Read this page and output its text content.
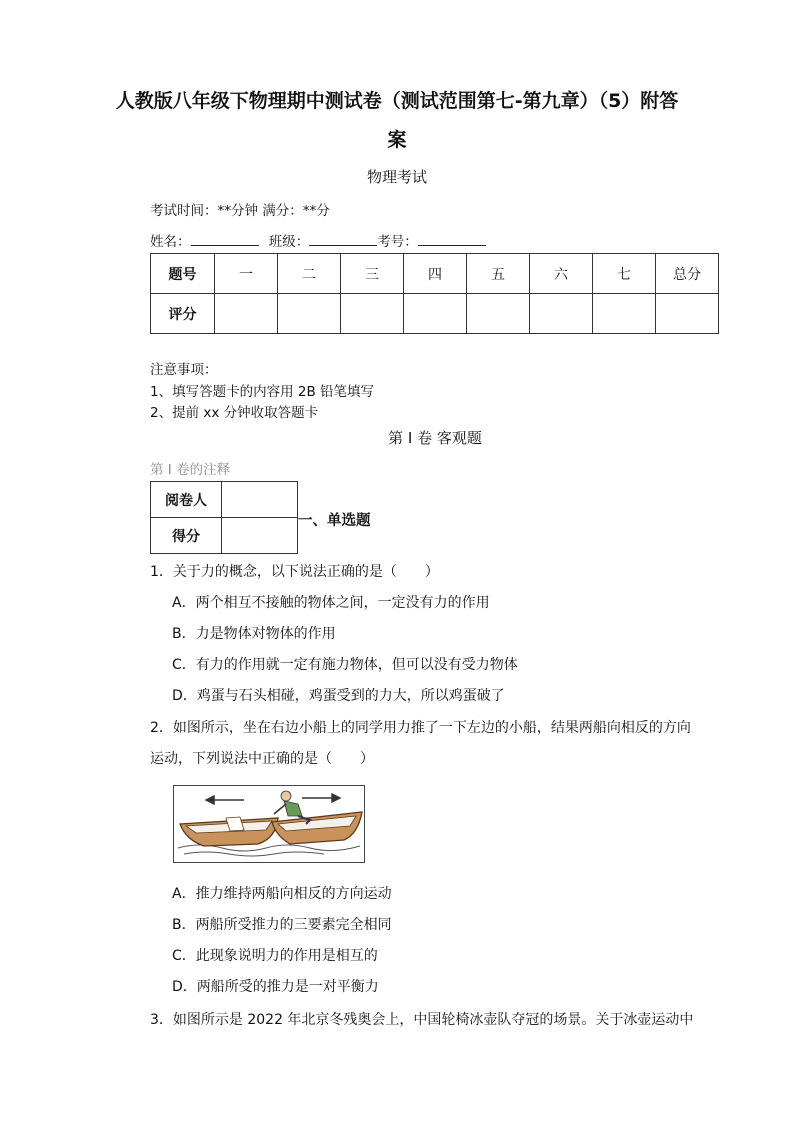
人教版八年级下物理期中测试卷（测试范围第七-第九章）（5）附答
案
物理考试
考试时间：**分钟 满分：**分
姓名：	班级：	考号：
题号	一	二	三	四	五	六	七	总分
评分								
注意事项：
1、填写答题卡的内容用 2B 铅笔填写
2、提前 xx 分钟收取答题卡
第 I 卷 客观题
第 I 卷的注释
阅卷人	
得分	
一、单选题
1．关于力的概念，以下说法正确的是（　　）
A．两个相互不接触的物体之间，一定没有力的作用
B．力是物体对物体的作用
C．有力的作用就一定有施力物体，但可以没有受力物体
D．鸡蛋与石头相碰，鸡蛋受到的力大，所以鸡蛋破了
2．如图所示，坐在右边小船上的同学用力推了一下左边的小船，结果两船向相反的方向
运动，下列说法中正确的是（　　）
A．推力维持两船向相反的方向运动
B．两船所受推力的三要素完全相同
C．此现象说明力的作用是相互的
D．两船所受的推力是一对平衡力
3．如图所示是 2022 年北京冬残奥会上，中国轮椅冰壶队夺冠的场景。关于冰壶运动中
